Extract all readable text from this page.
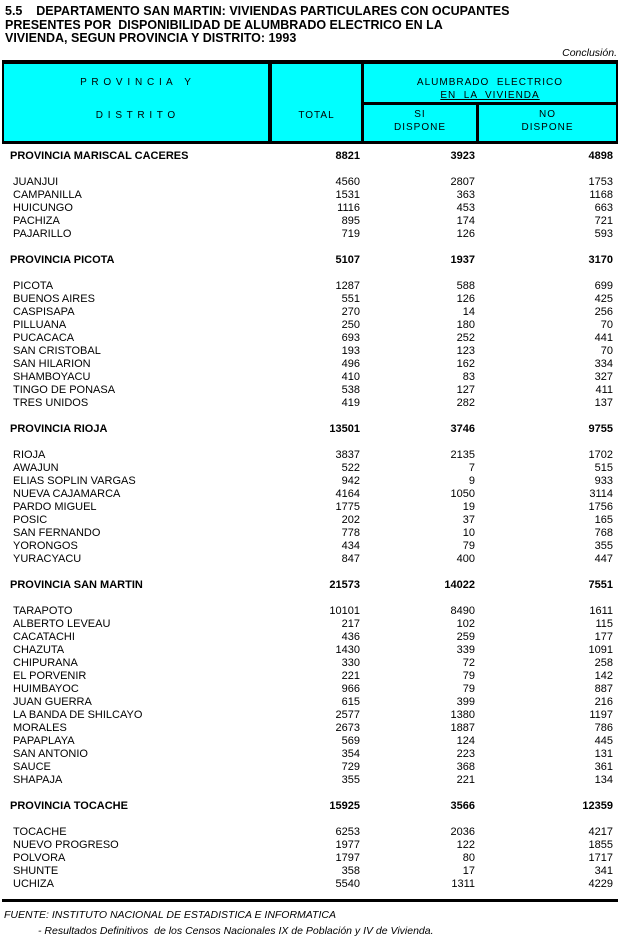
5.5    DEPARTAMENTO SAN MARTIN: VIVIENDAS PARTICULARES CON OCUPANTES
PRESENTES POR  DISPONIBILIDAD DE ALUMBRADO ELECTRICO EN LA
VIVIENDA, SEGUN PROVINCIA Y DISTRITO: 1993
Conclusión.
P R O V I N C I A   Y
D I S T R I T O	TOTAL
ALUMBRADO  ELECTRICO
EN  LA  VIVIENDA
SI
DISPONE
NO
DISPONE
PROVINCIA MARISCAL CACERES	8821	3923	4898
JUANJUI	4560	2807	1753
CAMPANILLA	1531	363	1168
HUICUNGO	1116	453	663
PACHIZA	895	174	721
PAJARILLO	719	126	593
PROVINCIA PICOTA	5107	1937	3170
PICOTA	1287	588	699
BUENOS AIRES	551	126	425
CASPISAPA	270	14	256
PILLUANA	250	180	70
PUCACACA	693	252	441
SAN CRISTOBAL	193	123	70
SAN HILARION	496	162	334
SHAMBOYACU	410	83	327
TINGO DE PONASA	538	127	411
TRES UNIDOS	419	282	137
PROVINCIA RIOJA	13501	3746	9755
RIOJA	3837	2135	1702
AWAJUN	522	7	515
ELIAS SOPLIN VARGAS	942	9	933
NUEVA CAJAMARCA	4164	1050	3114
PARDO MIGUEL	1775	19	1756
POSIC	202	37	165
SAN FERNANDO	778	10	768
YORONGOS	434	79	355
YURACYACU	847	400	447
PROVINCIA SAN MARTIN	21573	14022	7551
TARAPOTO	10101	8490	1611
ALBERTO LEVEAU	217	102	115
CACATACHI	436	259	177
CHAZUTA	1430	339	1091
CHIPURANA	330	72	258
EL PORVENIR	221	79	142
HUIMBAYOC	966	79	887
JUAN GUERRA	615	399	216
LA BANDA DE SHILCAYO	2577	1380	1197
MORALES	2673	1887	786
PAPAPLAYA	569	124	445
SAN ANTONIO	354	223	131
SAUCE	729	368	361
SHAPAJA	355	221	134
PROVINCIA TOCACHE	15925	3566	12359
TOCACHE	6253	2036	4217
NUEVO PROGRESO	1977	122	1855
POLVORA	1797	80	1717
SHUNTE	358	17	341
UCHIZA	5540	1311	4229
FUENTE: INSTITUTO NACIONAL DE ESTADISTICA E INFORMATICA
- Resultados Definitivos  de los Censos Nacionales IX de Población y IV de Vivienda.
